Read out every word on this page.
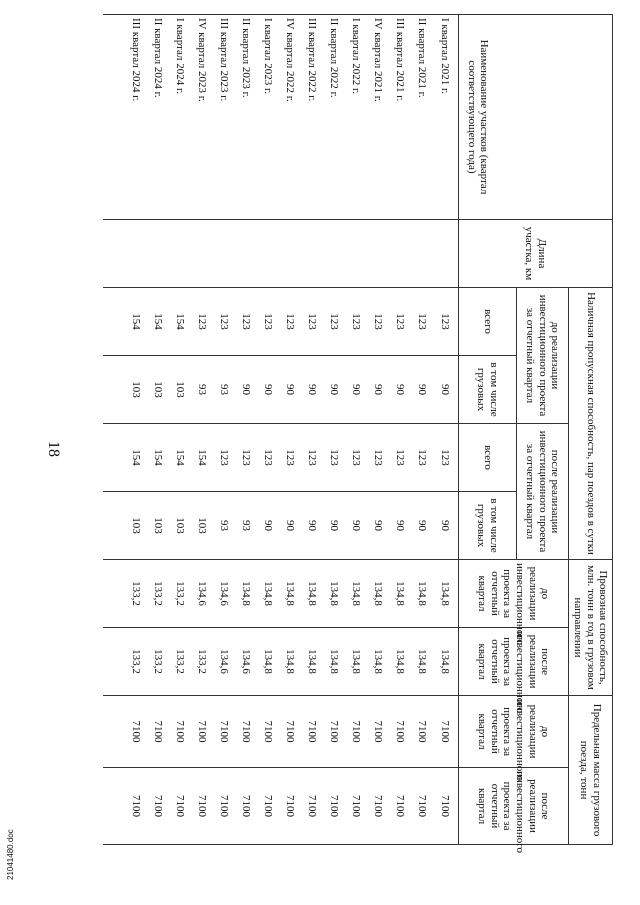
18
21041480.doc
Наименование участков (квартал соответствующего года)	Длина участка, км	Наличная пропускная способность, пар поездов в сутки				Провозная способность, млн. тонн в год в грузовом направлении		Предельная масса грузового поезда, тонн	
		до реализации инвестиционного проекта за отчетный квартал		после реализации инвестиционного проекта за отчетный квартал		до реализации инвестиционного проекта за отчетный квартал	после реализации инвестиционного проекта за отчетный квартал	до реализации инвестиционного проекта за отчетный квартал	после реализации инвестиционного проекта за отчетный квартал
		всего	в том числе грузовых	всего	в том числе грузовых				
I квартал 2021 г.		123	90	123	90	134,8	134,8	7100	7100
II квартал 2021 г.		123	90	123	90	134,8	134,8	7100	7100
III квартал 2021 г.		123	90	123	90	134,8	134,8	7100	7100
IV квартал 2021 г.		123	90	123	90	134,8	134,8	7100	7100
I квартал 2022 г.		123	90	123	90	134,8	134,8	7100	7100
II квартал 2022 г.		123	90	123	90	134,8	134,8	7100	7100
III квартал 2022 г.		123	90	123	90	134,8	134,8	7100	7100
IV квартал 2022 г.		123	90	123	90	134,8	134,8	7100	7100
I квартал 2023 г.		123	90	123	90	134,8	134,8	7100	7100
II квартал 2023 г.		123	90	123	93	134,8	134,6	7100	7100
III квартал 2023 г.		123	93	123	93	134,6	134,6	7100	7100
IV квартал 2023 г.		123	93	154	103	134,6	133,2	7100	7100
I квартал 2024 г.		154	103	154	103	133,2	133,2	7100	7100
II квартал 2024 г.		154	103	154	103	133,2	133,2	7100	7100
III квартал 2024 г.		154	103	154	103	133,2	133,2	7100	7100
